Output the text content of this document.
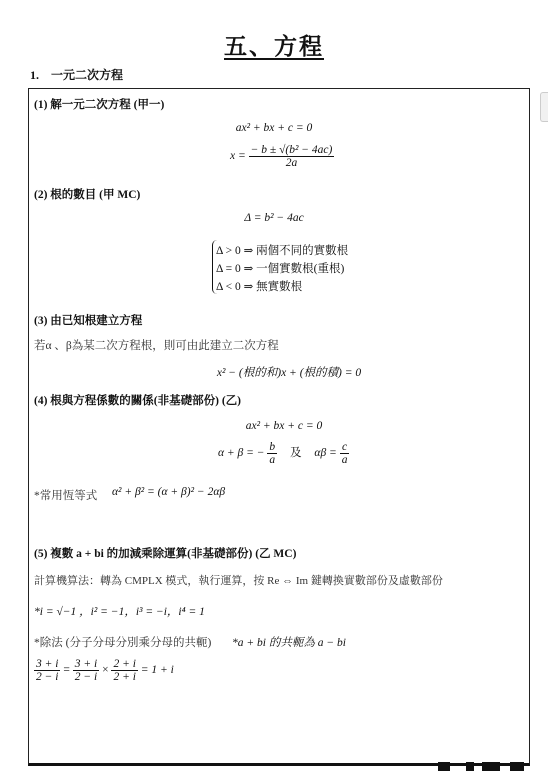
五、方程
1.　一元二次方程
(1) 解一元二次方程 (甲一)
ax² + bx + c = 0
$x = \frac{\text{− b ± √(b² − 4ac)}}{2a}$
(2) 根的數目 (甲 MC)
Δ = b² − 4ac
Δ > 0 ⇒ 兩個不同的實數根
Δ = 0 ⇒ 一個實數根(重根)
Δ < 0 ⇒ 無實數根
(3) 由已知根建立方程
若α 、β為某二次方程根，則可由此建立二次方程
x² − (根的和)x + (根的積) = 0
(4) 根與方程係數的關係(非基礎部份) (乙)
ax² + bx + c = 0
α + β = − $\frac{b}{a}$ 及 $\alpha\beta = \frac{c}{a}$
*常用恆等式 α² + β² = (α + β)² − 2αβ
(5) 複數 a + bi 的加減乘除運算(非基礎部份) (乙 MC)
計算機算法：轉為 CMPLX 模式，執行運算，按 Re ⇔ Im 鍵轉換實數部份及虛數部份
*i = √−1 ，i² = −1，i³ = −i，i⁴ = 1
*除法 (分子分母分別乘分母的共軛) *a + bi 的共軛為 a − bi
$\frac{3 + i}{2 - i} = \frac{3 + i}{2 - i} \times \frac{2 + i}{2 + i} = 1 + i$
